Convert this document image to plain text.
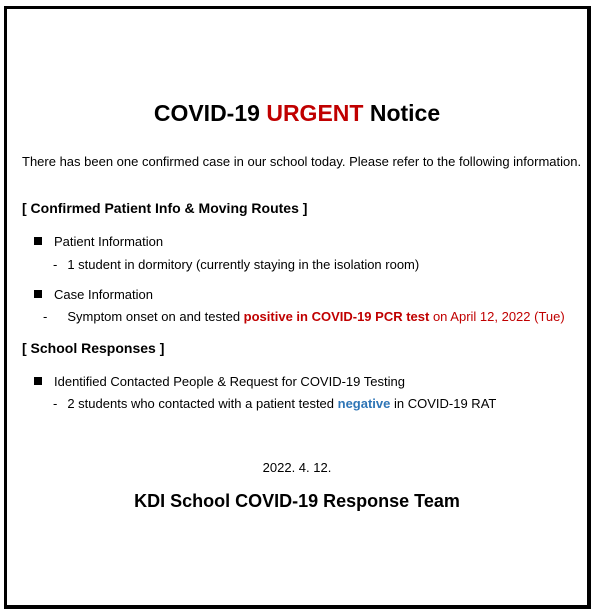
COVID-19 URGENT Notice
There has been one confirmed case in our school today. Please refer to the following information.
[ Confirmed Patient Info & Moving Routes ]
Patient Information
- 1 student in dormitory (currently staying in the isolation room)
Case Information
- Symptom onset on and tested positive in COVID-19 PCR test on April 12, 2022 (Tue)
[ School Responses ]
Identified Contacted People & Request for COVID-19 Testing
- 2 students who contacted with a patient tested negative in COVID-19 RAT
2022. 4. 12.
KDI School COVID-19 Response Team
